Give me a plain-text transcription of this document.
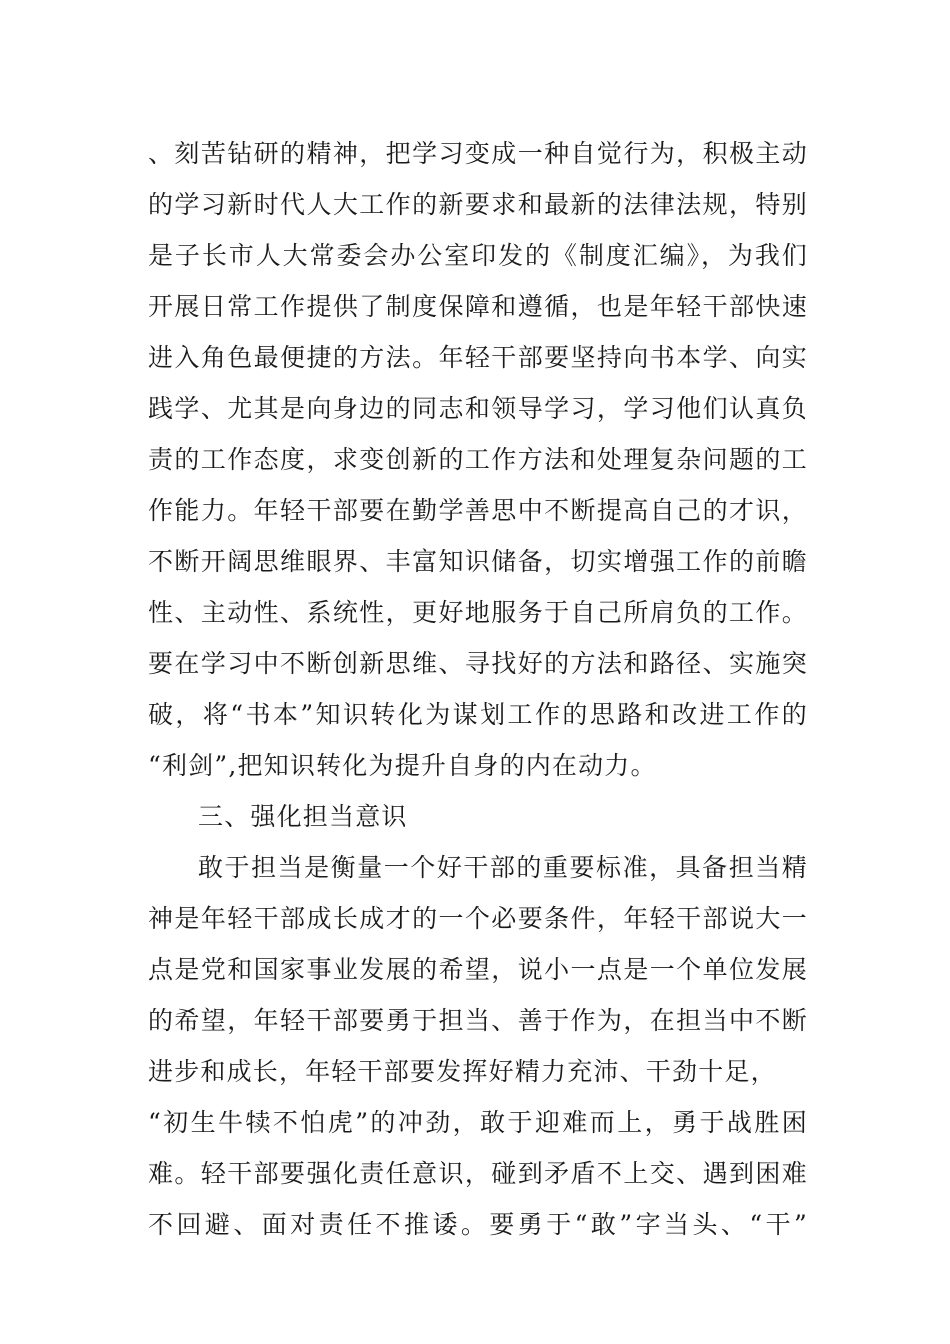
、刻苦钻研的精神，把学习变成一种自觉行为，积极主动
的学习新时代人大工作的新要求和最新的法律法规，特别
是子长市人大常委会办公室印发的《制度汇编》，为我们
开展日常工作提供了制度保障和遵循，也是年轻干部快速
进入角色最便捷的方法。年轻干部要坚持向书本学、向实
践学、尤其是向身边的同志和领导学习，学习他们认真负
责的工作态度，求变创新的工作方法和处理复杂问题的工
作能力。年轻干部要在勤学善思中不断提高自己的才识，
不断开阔思维眼界、丰富知识储备，切实增强工作的前瞻
性、主动性、系统性，更好地服务于自己所肩负的工作。
要在学习中不断创新思维、寻找好的方法和路径、实施突
破，将“书本”知识转化为谋划工作的思路和改进工作的
“利剑”,把知识转化为提升自身的内在动力。
三、强化担当意识
敢于担当是衡量一个好干部的重要标准，具备担当精
神是年轻干部成长成才的一个必要条件，年轻干部说大一
点是党和国家事业发展的希望，说小一点是一个单位发展
的希望，年轻干部要勇于担当、善于作为，在担当中不断
进步和成长，年轻干部要发挥好精力充沛、干劲十足，
“初生牛犊不怕虎”的冲劲，敢于迎难而上，勇于战胜困
难。轻干部要强化责任意识，碰到矛盾不上交、遇到困难
不回避、面对责任不推诿。要勇于“敢”字当头、“干”
